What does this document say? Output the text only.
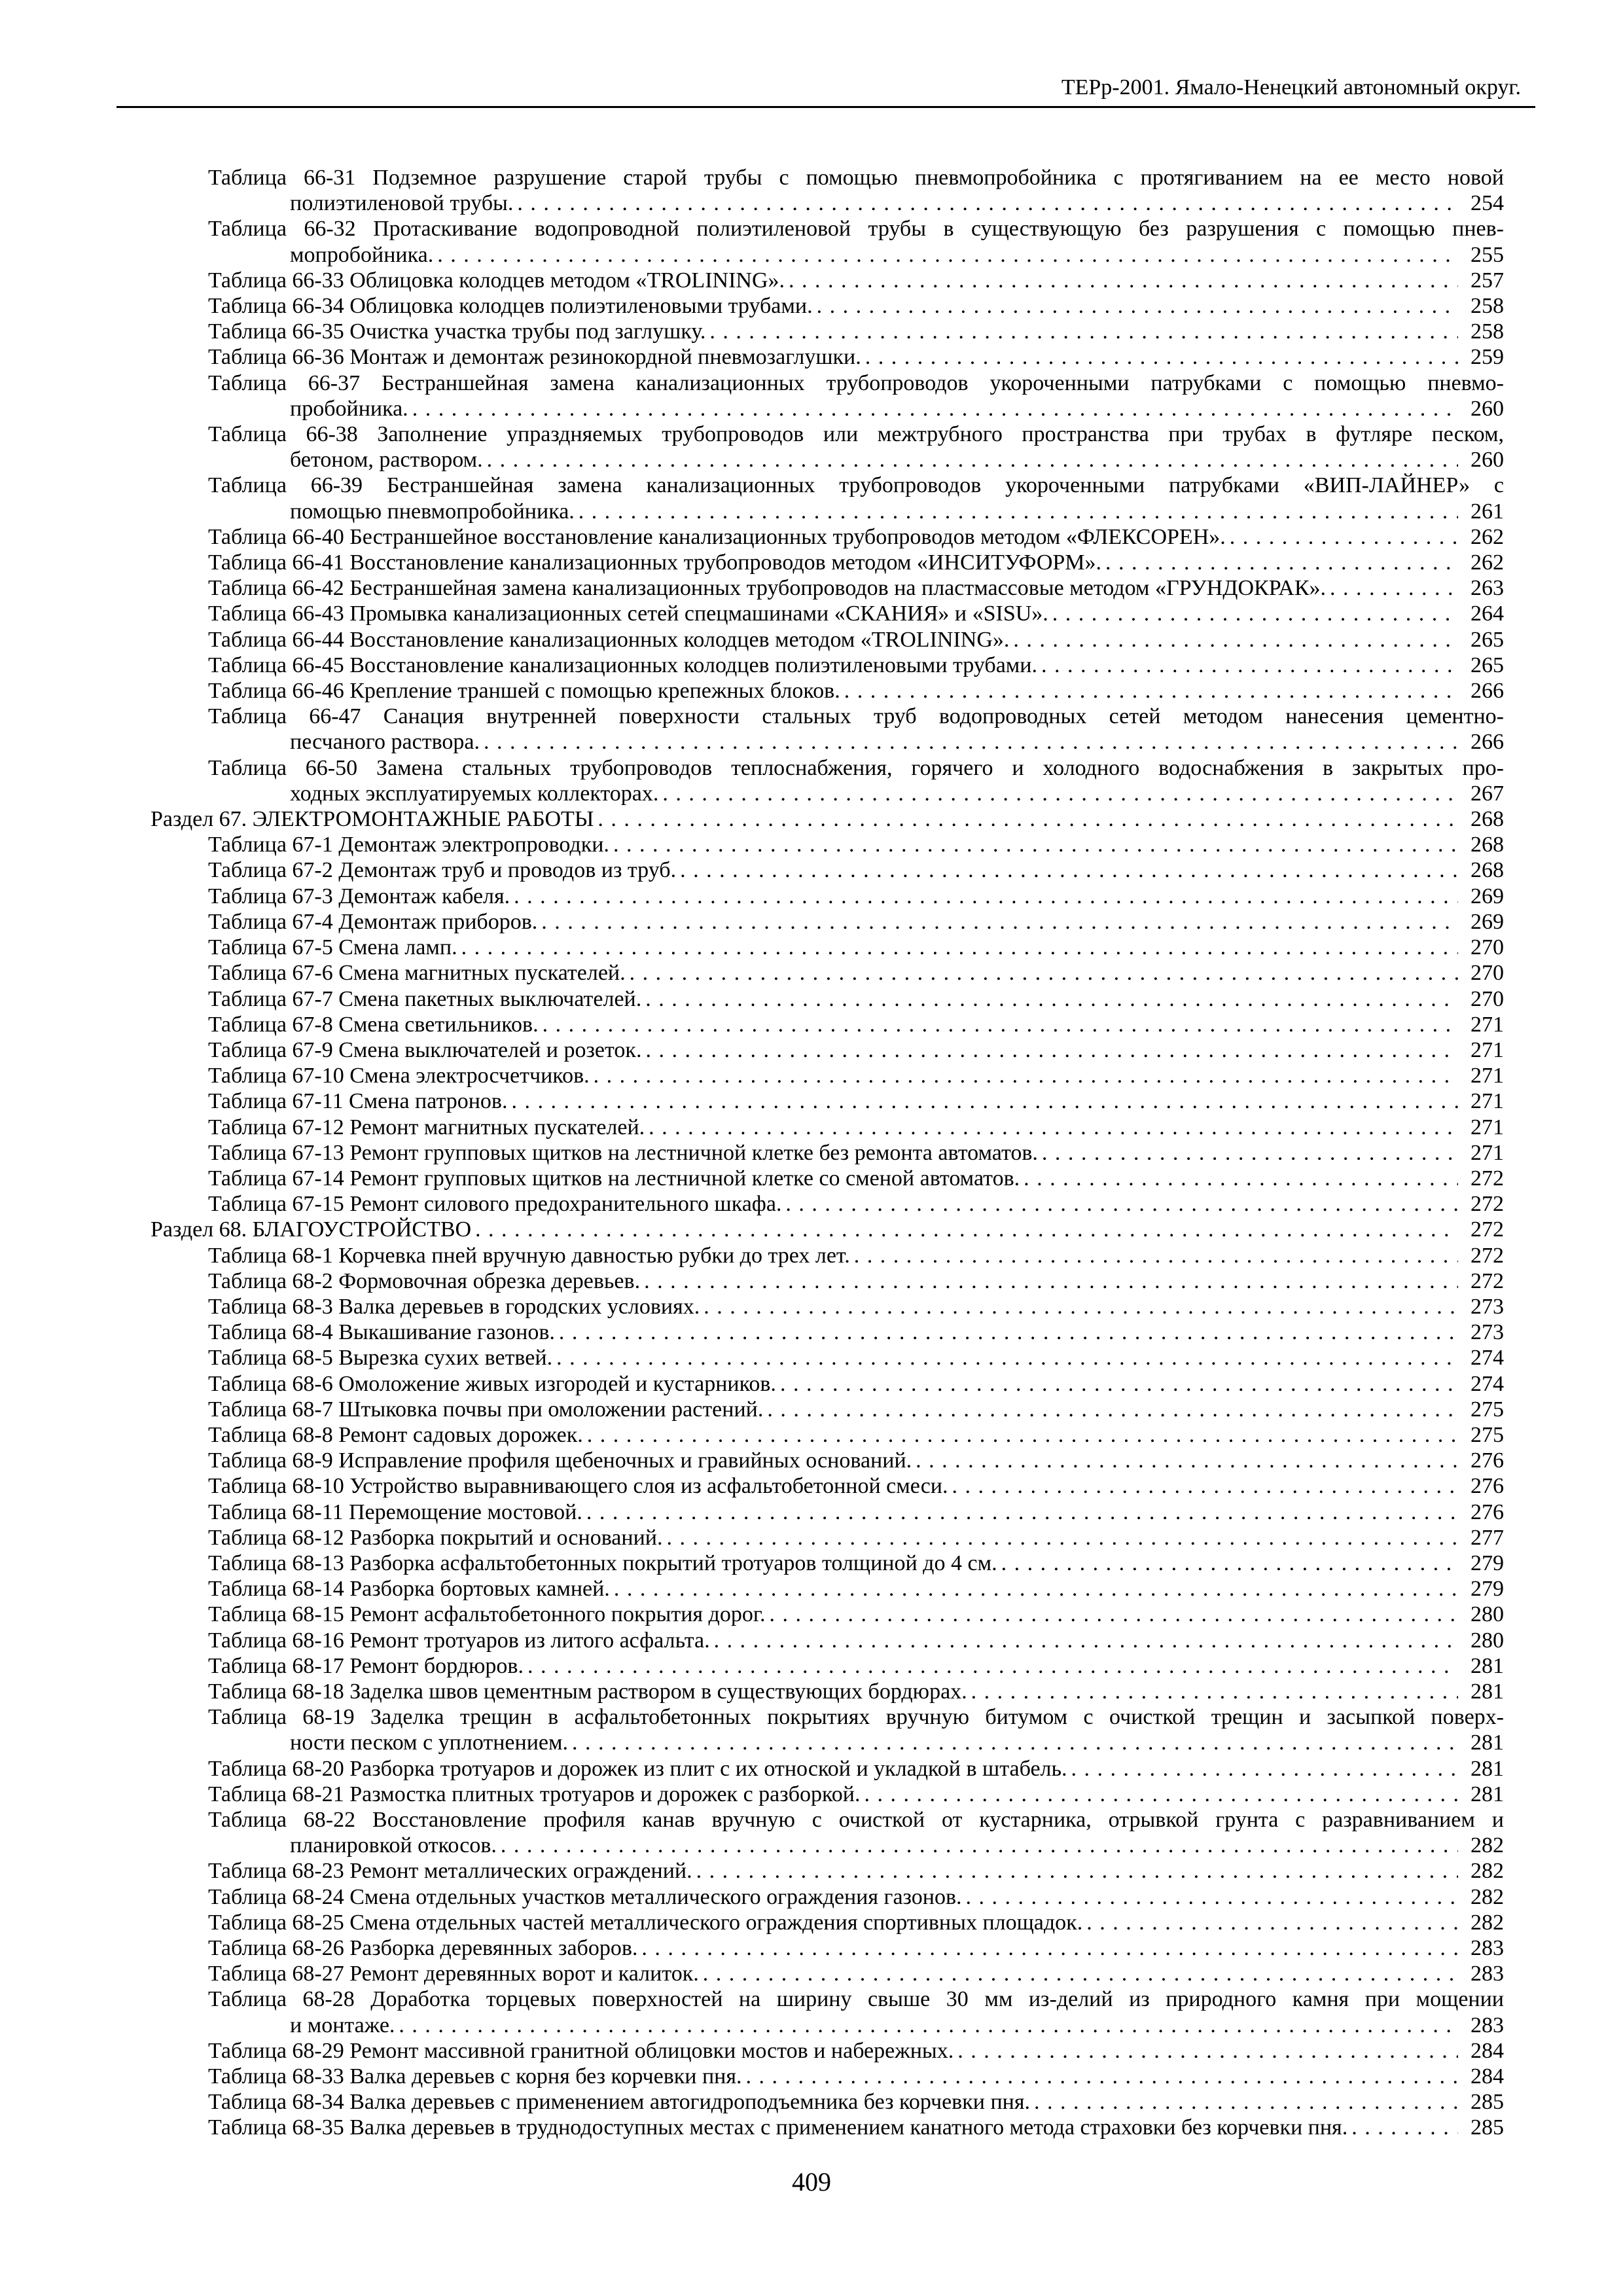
ТЕРр-2001. Ямало-Ненецкий автономный округ.
Таблица 66-31 Подземное разрушение старой трубы с помощью пневмопробойника с протягиванием на ее место новой
полиэтиленовой трубы. . . .	254
Таблица 66-32 Протаскивание водопроводной полиэтиленовой трубы в существующую без разрушения с помощью пнев-
мопробойника. . . .	255
Таблица 66-33 Облицовка колодцев методом «TROLINING». . . .	257
Таблица 66-34 Облицовка колодцев полиэтиленовыми трубами. . . .	258
Таблица 66-35 Очистка участка трубы под заглушку. . . .	258
Таблица 66-36 Монтаж и демонтаж резинокордной пневмозаглушки. . . .	259
Таблица 66-37 Бестраншейная замена канализационных трубопроводов укороченными патрубками с помощью пневмо-
пробойника. . . .	260
Таблица 66-38 Заполнение упраздняемых трубопроводов или межтрубного пространства при трубах в футляре песком,
бетоном, раствором. . . .	260
Таблица 66-39 Бестраншейная замена канализационных трубопроводов укороченными патрубками «ВИП-ЛАЙНЕР» с
помощью пневмопробойника. . . .	261
Таблица 66-40 Бестраншейное восстановление канализационных трубопроводов методом «ФЛЕКСОРЕН». . . .	262
Таблица 66-41 Восстановление канализационных трубопроводов методом «ИНСИТУФОРМ». . . .	262
Таблица 66-42 Бестраншейная замена канализационных трубопроводов на пластмассовые методом «ГРУНДОКРАК». . . .	263
Таблица 66-43 Промывка канализационных сетей спецмашинами «СКАНИЯ» и «SISU». . . .	264
Таблица 66-44 Восстановление канализационных колодцев методом «TROLINING». . . .	265
Таблица 66-45 Восстановление канализационных колодцев полиэтиленовыми трубами. . . .	265
Таблица 66-46 Крепление траншей с помощью крепежных блоков. . . .	266
Таблица 66-47 Санация внутренней поверхности стальных труб водопроводных сетей методом нанесения цементно-
песчаного раствора. . . .	266
Таблица 66-50 Замена стальных трубопроводов теплоснабжения, горячего и холодного водоснабжения в закрытых про-
ходных эксплуатируемых коллекторах. . . .	267
Раздел 67. ЭЛЕКТРОМОНТАЖНЫЕ РАБОТЫ . . .	268
Таблица 67-1 Демонтаж электропроводки. . . .	268
Таблица 67-2 Демонтаж труб и проводов из труб. . . .	268
Таблица 67-3 Демонтаж кабеля. . . .	269
Таблица 67-4 Демонтаж приборов. . . .	269
Таблица 67-5 Смена ламп. . . .	270
Таблица 67-6 Смена магнитных пускателей. . . .	270
Таблица 67-7 Смена пакетных выключателей. . . .	270
Таблица 67-8 Смена светильников. . . .	271
Таблица 67-9 Смена выключателей и розеток. . . .	271
Таблица 67-10 Смена электросчетчиков. . . .	271
Таблица 67-11 Смена патронов. . . .	271
Таблица 67-12 Ремонт магнитных пускателей. . . .	271
Таблица 67-13 Ремонт групповых щитков на лестничной клетке без ремонта автоматов. . . .	271
Таблица 67-14 Ремонт групповых щитков на лестничной клетке со сменой автоматов. . . .	272
Таблица 67-15 Ремонт силового предохранительного шкафа. . . .	272
Раздел 68. БЛАГОУСТРОЙСТВО . . .	272
Таблица 68-1 Корчевка пней вручную давностью рубки до трех лет. . . .	272
Таблица 68-2 Формовочная обрезка деревьев. . . .	272
Таблица 68-3 Валка деревьев в городских условиях. . . .	273
Таблица 68-4 Выкашивание газонов. . . .	273
Таблица 68-5 Вырезка сухих ветвей. . . .	274
Таблица 68-6 Омоложение живых изгородей и кустарников. . . .	274
Таблица 68-7 Штыковка почвы при омоложении растений. . . .	275
Таблица 68-8 Ремонт садовых дорожек. . . .	275
Таблица 68-9 Исправление профиля щебеночных и гравийных оснований. . . .	276
Таблица 68-10 Устройство выравнивающего слоя из асфальтобетонной смеси. . . .	276
Таблица 68-11 Перемощение мостовой. . . .	276
Таблица 68-12 Разборка покрытий и оснований. . . .	277
Таблица 68-13 Разборка асфальтобетонных покрытий тротуаров толщиной до 4 см. . . .	279
Таблица 68-14 Разборка бортовых камней. . . .	279
Таблица 68-15 Ремонт асфальтобетонного покрытия дорог. . . .	280
Таблица 68-16 Ремонт тротуаров из литого асфальта. . . .	280
Таблица 68-17 Ремонт бордюров. . . .	281
Таблица 68-18 Заделка швов цементным раствором в существующих бордюрах. . . .	281
Таблица 68-19 Заделка трещин в асфальтобетонных покрытиях вручную битумом с очисткой трещин и засыпкой поверх-
ности песком с уплотнением. . . .	281
Таблица 68-20 Разборка тротуаров и дорожек из плит с их отноской и укладкой в штабель. . . .	281
Таблица 68-21 Размостка плитных тротуаров и дорожек с разборкой. . . .	281
Таблица 68-22 Восстановление профиля канав вручную с очисткой от кустарника, отрывкой грунта с разравниванием и
планировкой откосов. . . .	282
Таблица 68-23 Ремонт металлических ограждений. . . .	282
Таблица 68-24 Смена отдельных участков металлического ограждения газонов. . . .	282
Таблица 68-25 Смена отдельных частей металлического ограждения спортивных площадок. . . .	282
Таблица 68-26 Разборка деревянных заборов. . . .	283
Таблица 68-27 Ремонт деревянных ворот и калиток. . . .	283
Таблица 68-28 Доработка торцевых поверхностей на ширину свыше 30 мм из-делий из природного камня при мощении
и монтаже. . . .	283
Таблица 68-29 Ремонт массивной гранитной облицовки мостов и набережных. . . .	284
Таблица 68-33 Валка деревьев с корня без корчевки пня. . . .	284
Таблица 68-34 Валка деревьев с применением автогидроподъемника без корчевки пня. . . .	285
Таблица 68-35 Валка деревьев в труднодоступных местах с применением канатного метода страховки без корчевки пня. . . .	285
409
